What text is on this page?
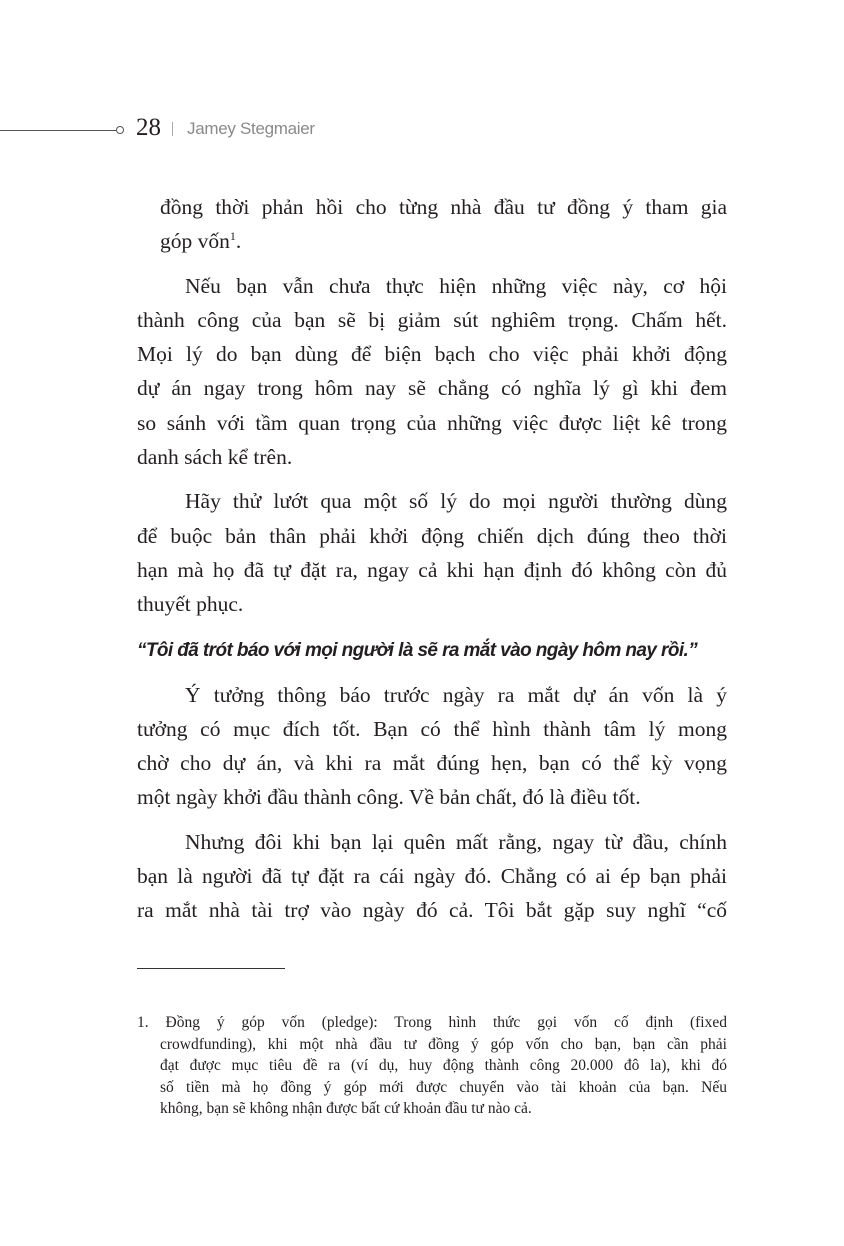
28 Jamey Stegmaier
đồng thời phản hồi cho từng nhà đầu tư đồng ý tham gia
góp vốn$^1$.
Nếu bạn vẫn chưa thực hiện những việc này, cơ hội
thành công của bạn sẽ bị giảm sút nghiêm trọng. Chấm hết.
Mọi lý do bạn dùng để biện bạch cho việc phải khởi động
dự án ngay trong hôm nay sẽ chẳng có nghĩa lý gì khi đem
so sánh với tầm quan trọng của những việc được liệt kê trong
danh sách kể trên.
Hãy thử lướt qua một số lý do mọi người thường dùng
để buộc bản thân phải khởi động chiến dịch đúng theo thời
hạn mà họ đã tự đặt ra, ngay cả khi hạn định đó không còn đủ
thuyết phục.
“Tôi đã trót báo với mọi người là sẽ ra mắt vào ngày hôm nay rồi.”
Ý tưởng thông báo trước ngày ra mắt dự án vốn là ý
tưởng có mục đích tốt. Bạn có thể hình thành tâm lý mong
chờ cho dự án, và khi ra mắt đúng hẹn, bạn có thể kỳ vọng
một ngày khởi đầu thành công. Về bản chất, đó là điều tốt.
Nhưng đôi khi bạn lại quên mất rằng, ngay từ đầu, chính
bạn là người đã tự đặt ra cái ngày đó. Chẳng có ai ép bạn phải
ra mắt nhà tài trợ vào ngày đó cả. Tôi bắt gặp suy nghĩ “cố
1. Đồng ý góp vốn (pledge): Trong hình thức gọi vốn cố định (fixed
crowdfunding), khi một nhà đầu tư đồng ý góp vốn cho bạn, bạn cần phải
đạt được mục tiêu đề ra (ví dụ, huy động thành công 20.000 đô la), khi đó
số tiền mà họ đồng ý góp mới được chuyển vào tài khoản của bạn. Nếu
không, bạn sẽ không nhận được bất cứ khoản đầu tư nào cả.
